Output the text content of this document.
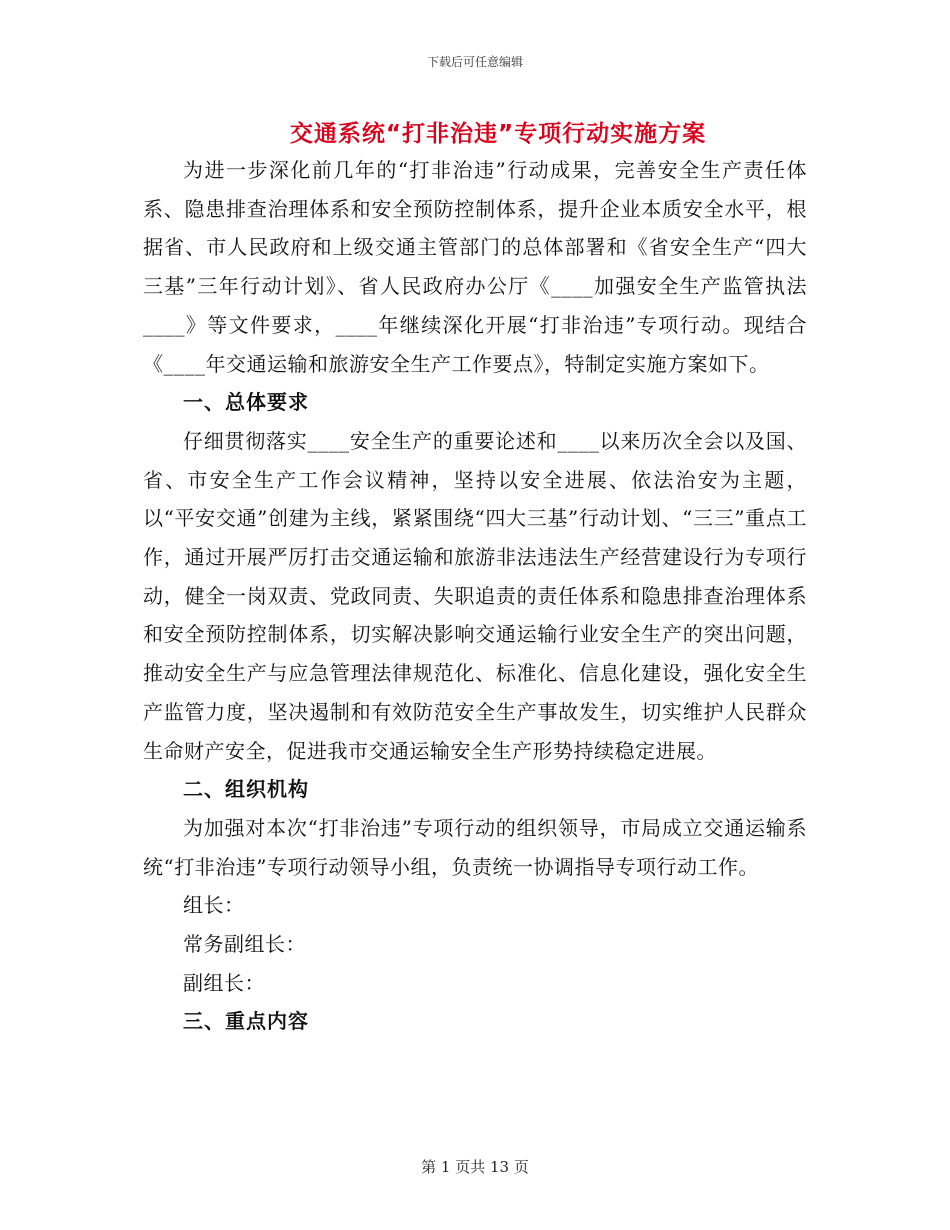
下载后可任意编辑
交通系统“打非治违”专项行动实施方案

为进一步深化前几年的“打非治违”行动成果，完善安全生产责任体系、隐患排查治理体系和安全预防控制体系，提升企业本质安全水平，根据省、市人民政府和上级交通主管部门的总体部署和《省安全生产“四大三基”三年行动计划》、省人民政府办公厅《____加强安全生产监管执法____》等文件要求，____年继续深化开展“打非治违”专项行动。现结合《____年交通运输和旅游安全生产工作要点》，特制定实施方案如下。

一、总体要求

仔细贯彻落实____安全生产的重要论述和____以来历次全会以及国、省、市安全生产工作会议精神，坚持以安全进展、依法治安为主题，以“平安交通”创建为主线，紧紧围绕“四大三基”行动计划、“三三”重点工作，通过开展严厉打击交通运输和旅游非法违法生产经营建设行为专项行动，健全一岗双责、党政同责、失职追责的责任体系和隐患排查治理体系和安全预防控制体系，切实解决影响交通运输行业安全生产的突出问题，推动安全生产与应急管理法律规范化、标准化、信息化建设，强化安全生产监管力度，坚决遏制和有效防范安全生产事故发生，切实维护人民群众生命财产安全，促进我市交通运输安全生产形势持续稳定进展。

二、组织机构

为加强对本次“打非治违”专项行动的组织领导，市局成立交通运输系统“打非治违”专项行动领导小组，负责统一协调指导专项行动工作。

组长：

常务副组长：

副组长：

三、重点内容

第 1 页共 13 页
